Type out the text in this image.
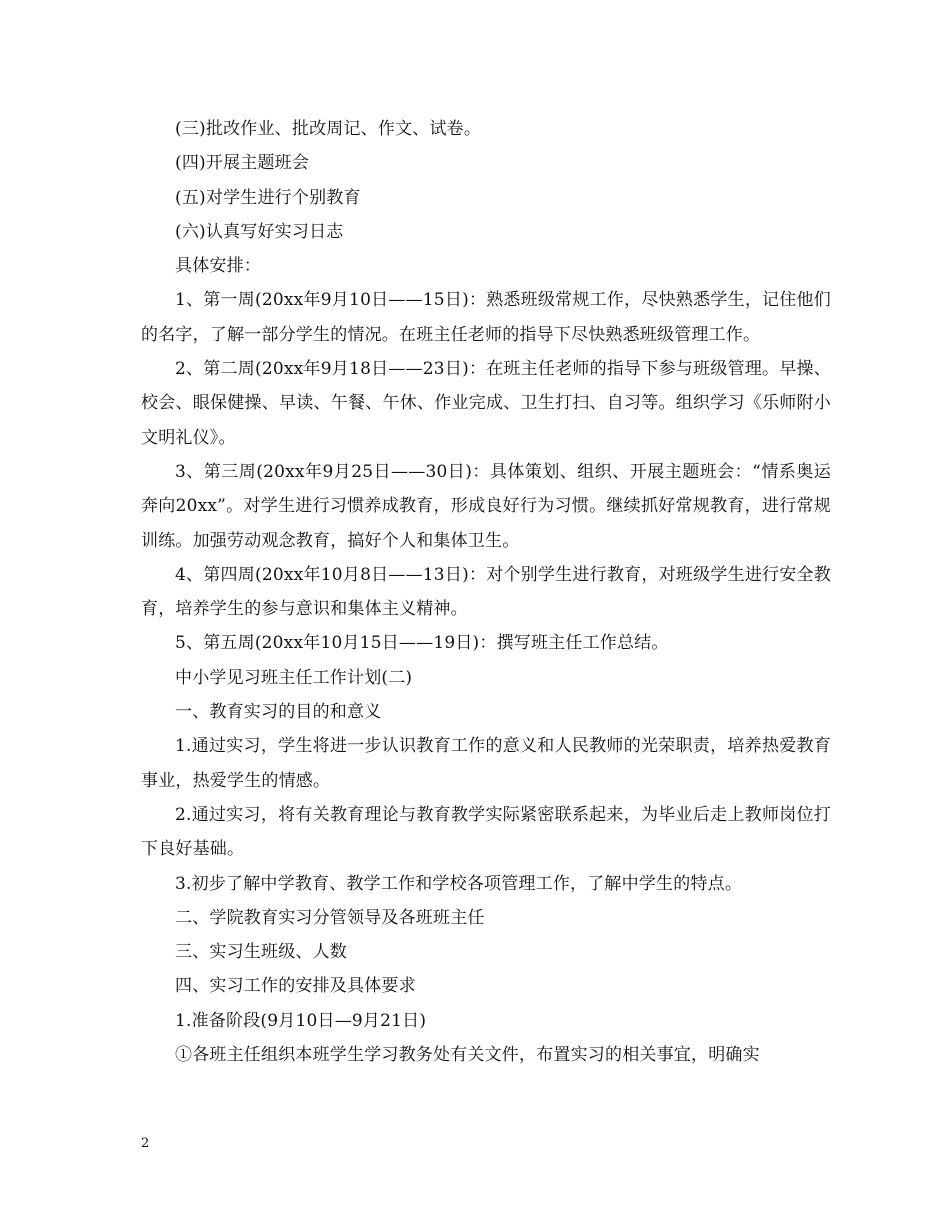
(三)批改作业、批改周记、作文、试卷。

(四)开展主题班会

(五)对学生进行个别教育

(六)认真写好实习日志

具体安排：

1、第一周(20xx年9月10日——15日)：熟悉班级常规工作，尽快熟悉学生，记住他们的名字，了解一部分学生的情况。在班主任老师的指导下尽快熟悉班级管理工作。

2、第二周(20xx年9月18日——23日)：在班主任老师的指导下参与班级管理。早操、校会、眼保健操、早读、午餐、午休、作业完成、卫生打扫、自习等。组织学习《乐师附小文明礼仪》。

3、第三周(20xx年9月25日——30日)：具体策划、组织、开展主题班会：“情系奥运 奔向20xx”。对学生进行习惯养成教育，形成良好行为习惯。继续抓好常规教育，进行常规训练。加强劳动观念教育，搞好个人和集体卫生。

4、第四周(20xx年10月8日——13日)：对个别学生进行教育，对班级学生进行安全教育，培养学生的参与意识和集体主义精神。

5、第五周(20xx年10月15日——19日)：撰写班主任工作总结。

中小学见习班主任工作计划(二)

一、教育实习的目的和意义

1.通过实习，学生将进一步认识教育工作的意义和人民教师的光荣职责，培养热爱教育事业，热爱学生的情感。

2.通过实习，将有关教育理论与教育教学实际紧密联系起来，为毕业后走上教师岗位打下良好基础。

3.初步了解中学教育、教学工作和学校各项管理工作，了解中学生的特点。

二、学院教育实习分管领导及各班班主任

三、实习生班级、人数

四、实习工作的安排及具体要求

1.准备阶段(9月10日—9月21日)

①各班主任组织本班学生学习教务处有关文件，布置实习的相关事宜，明确实

2
